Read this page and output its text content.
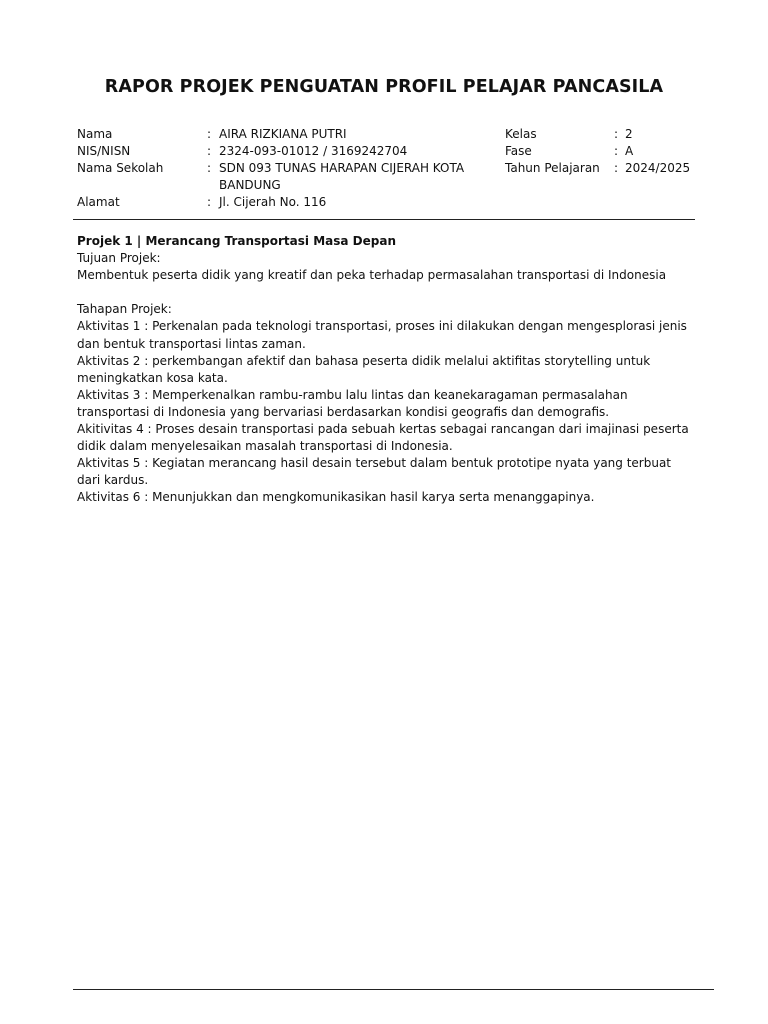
RAPOR PROJEK PENGUATAN PROFIL PELAJAR PANCASILA
Nama	: AIRA RIZKIANA PUTRI
NIS/NISN	: 2324-093-01012 / 3169242704
Nama Sekolah	: SDN 093 TUNAS HARAPAN CIJERAH KOTA BANDUNG
Alamat	: Jl. Cijerah No. 116
Kelas	: 2
Fase	: A
Tahun Pelajaran : 2024/2025

Projek 1 | Merancang Transportasi Masa Depan

Tujuan Projek:

Membentuk peserta didik yang kreatif dan peka terhadap permasalahan transportasi di Indonesia

Tahapan Projek:

Aktivitas 1 : Perkenalan pada teknologi transportasi, proses ini dilakukan dengan mengesplorasi jenis dan bentuk transportasi lintas zaman.

Aktivitas 2 : perkembangan afektif dan bahasa peserta didik melalui aktifitas storytelling untuk meningkatkan kosa kata.

Aktivitas 3 : Memperkenalkan rambu-rambu lalu lintas dan keanekaragaman permasalahan transportasi di Indonesia yang bervariasi berdasarkan kondisi geografis dan demografis.

Akitivitas 4 : Proses desain transportasi pada sebuah kertas sebagai rancangan dari imajinasi peserta didik dalam menyelesaikan masalah transportasi di Indonesia.

Aktivitas 5 : Kegiatan merancang hasil desain tersebut dalam bentuk prototipe nyata yang terbuat dari kardus.

Aktivitas 6 : Menunjukkan dan mengkomunikasikan hasil karya serta menanggapinya.
